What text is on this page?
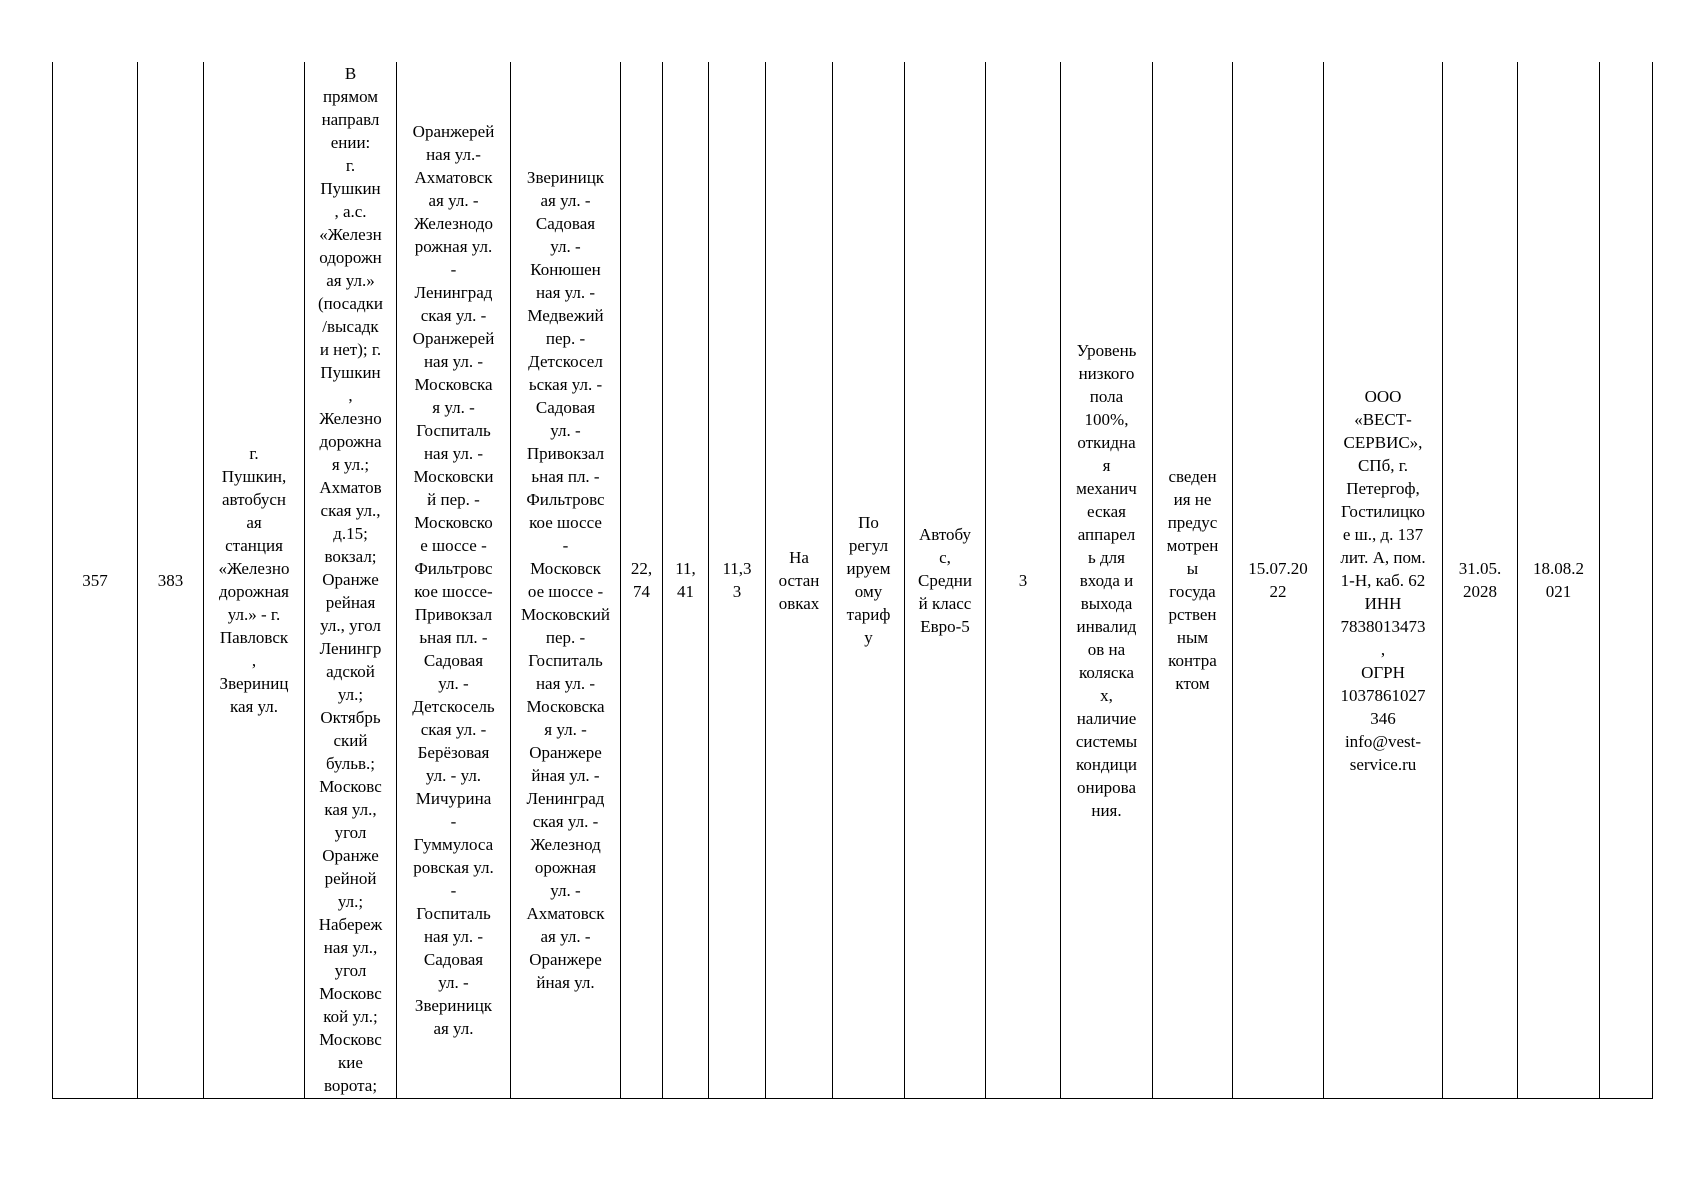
357	383	г.
Пушкин,
автобусн
ая
станция
«Железно
дорожная
ул.» - г.
Павловск
,
Звериниц
кая ул.	
В
прямом
направл
ении:
г.
Пушкин
, а.с.
«Железн
одорожн
ая ул.»
(посадки
/высадк
и нет); г.
Пушкин
,
Железно
дорожна
я ул.;
Ахматов
ская ул.,
д.15;
вокзал;
Оранже
рейная
ул., угол
Ленингр
адской
ул.;
Октябрь
ский
бульв.;
Московс
кая ул.,
угол
Оранже
рейной
ул.;
Набереж
ная ул.,
угол
Московс
кой ул.;
Московс
кие
ворота;
	Оранжерей
ная ул.-
Ахматовск
ая ул. -
Железнодо
рожная ул.
-
Ленинград
ская ул. -
Оранжерей
ная ул. -
Московска
я ул. -
Госпиталь
ная ул. -
Московски
й пер. -
Московско
е шоссе -
Фильтровс
кое шоссе-
Привокзал
ьная пл. -
Садовая
ул. -
Детскосель
ская ул. -
Берёзовая
ул. - ул.
Мичурина
-
Гуммулоса
ровская ул.
-
Госпиталь
ная ул. -
Садовая
ул. -
Звериницк
ая ул.	Звериницк
ая ул. -
Садовая
ул. -
Конюшен
ная ул. -
Медвежий
пер. -
Детскосел
ьская ул. -
Садовая
ул. -
Привокзал
ьная пл. -
Фильтровс
кое шоссе
-
Московск
ое шоссе -
Московский
пер. -
Госпиталь
ная ул. -
Московска
я ул. -
Оранжере
йная ул. -
Ленинград
ская ул. -
Железнод
орожная
ул. -
Ахматовск
ая ул. -
Оранжере
йная ул.	22,
74	11,
41	11,3
3	На
остан
овках	По
регул
ируем
ому
тариф
у	Автобу
с,
Средни
й класс
Евро-5	3	Уровень
низкого
пола
100%,
откидна
я
механич
еская
аппарел
ь для
входа и
выхода
инвалид
ов на
коляска
х,
наличие
системы
кондици
онирова
ния.	сведен
ия не
предус
мотрен
ы
госуда
рствен
ным
контра
ктом	15.07.20
22	ООО
«ВЕСТ-
СЕРВИС»,
СПб, г.
Петергоф,
Гостилицко
е ш., д. 137
лит. А, пом.
1-Н, каб. 62
ИНН
7838013473
,
ОГРН
1037861027
346
info@vest-
service.ru	31.05.
2028	18.08.2
021	
